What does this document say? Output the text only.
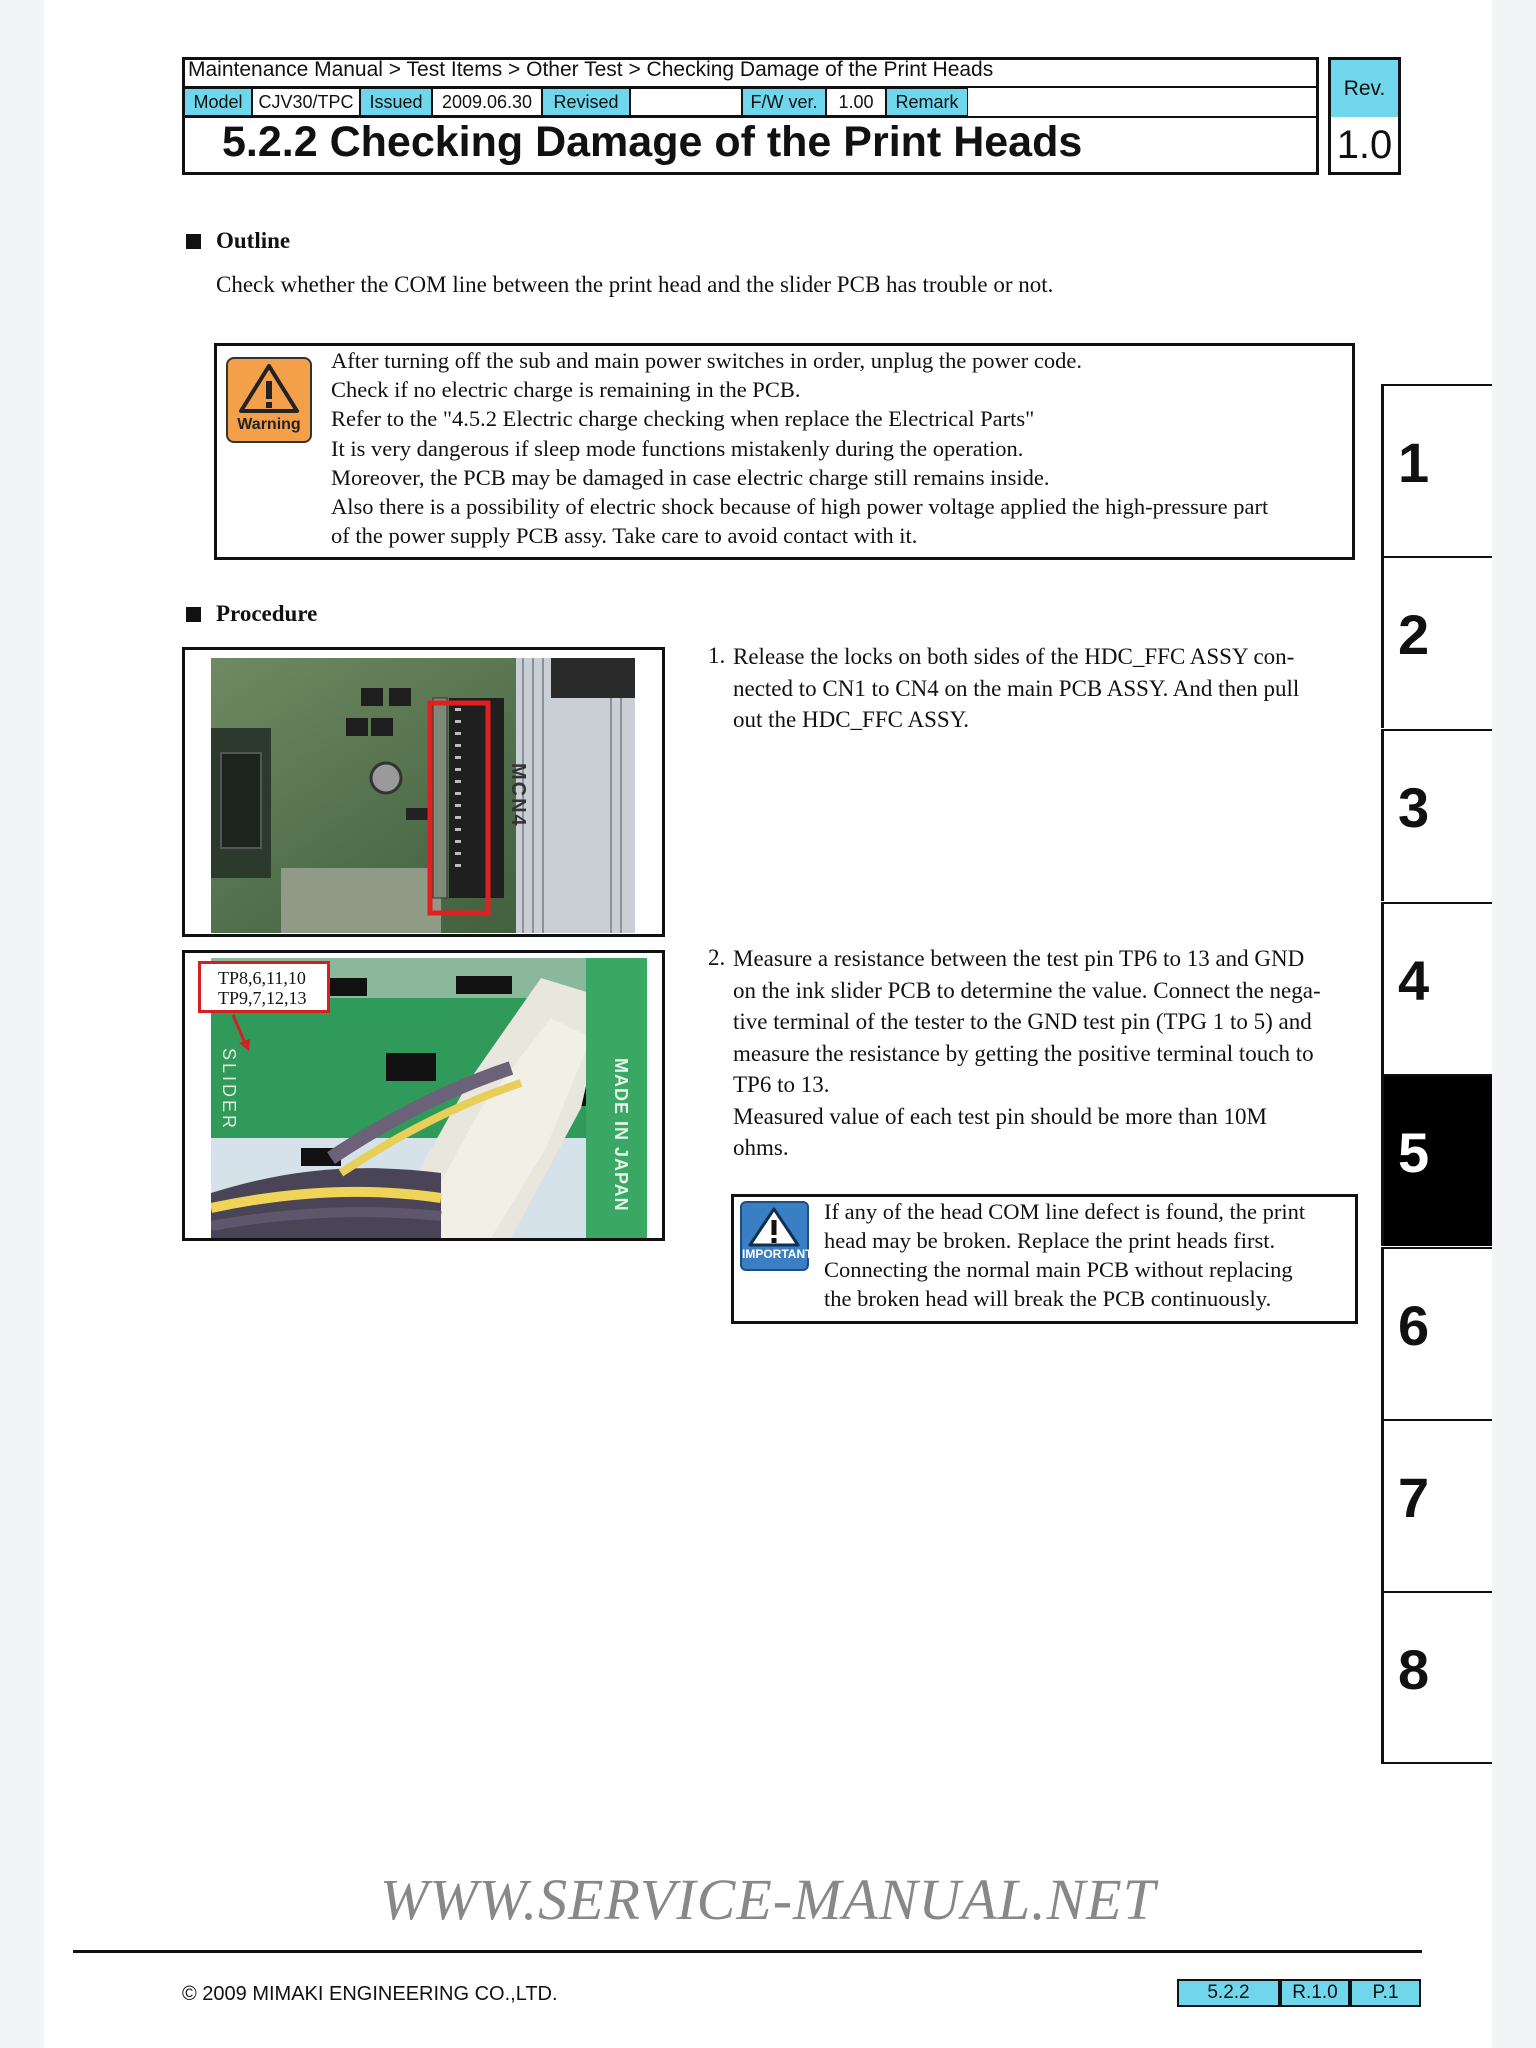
Maintenance Manual > Test Items > Other Test > Checking Damage of the Print Heads
Model CJV30/TPC Issued	2009.06.30	Revised	F/W ver.	1.00	Remark
5.2.2 Checking Damage of the Print Heads
Rev.
1.0
Outline
Check whether the COM line between the print head and the slider PCB has trouble or not.
Warning
After turning off the sub and main power switches in order, unplug the power code.
Check if no electric charge is remaining in the PCB.
Refer to the "4.5.2 Electric charge checking when replace the Electrical Parts"
It is very dangerous if sleep mode functions mistakenly during the operation.
Moreover, the PCB may be damaged in case electric charge still remains inside.
Also there is a possibility of electric shock because of high power voltage applied the high-pressure part
of the power supply PCB assy. Take care to avoid contact with it.
Procedure
MCN4
MADE IN JAPAN
SLIDER
TP8,6,11,10
TP9,7,12,13
1. Release the locks on both sides of the HDC_FFC ASSY con-
nected to CN1 to CN4 on the main PCB ASSY. And then pull
out the HDC_FFC ASSY.
2. Measure a resistance between the test pin TP6 to 13 and GND
on the ink slider PCB to determine the value. Connect the nega-
tive terminal of the tester to the GND test pin (TPG 1 to 5) and
measure the resistance by getting the positive terminal touch to
TP6 to 13.
Measured value of each test pin should be more than 10M
ohms.
IMPORTANT
If any of the head COM line defect is found, the print
head may be broken. Replace the print heads first.
Connecting the normal main PCB without replacing
the broken head will break the PCB continuously.
1
2
3
4
5
6
7
8
WWW.SERVICE-MANUAL.NET
© 2009 MIMAKI ENGINEERING CO.,LTD.	5.2.2	R.1.0	P.1
